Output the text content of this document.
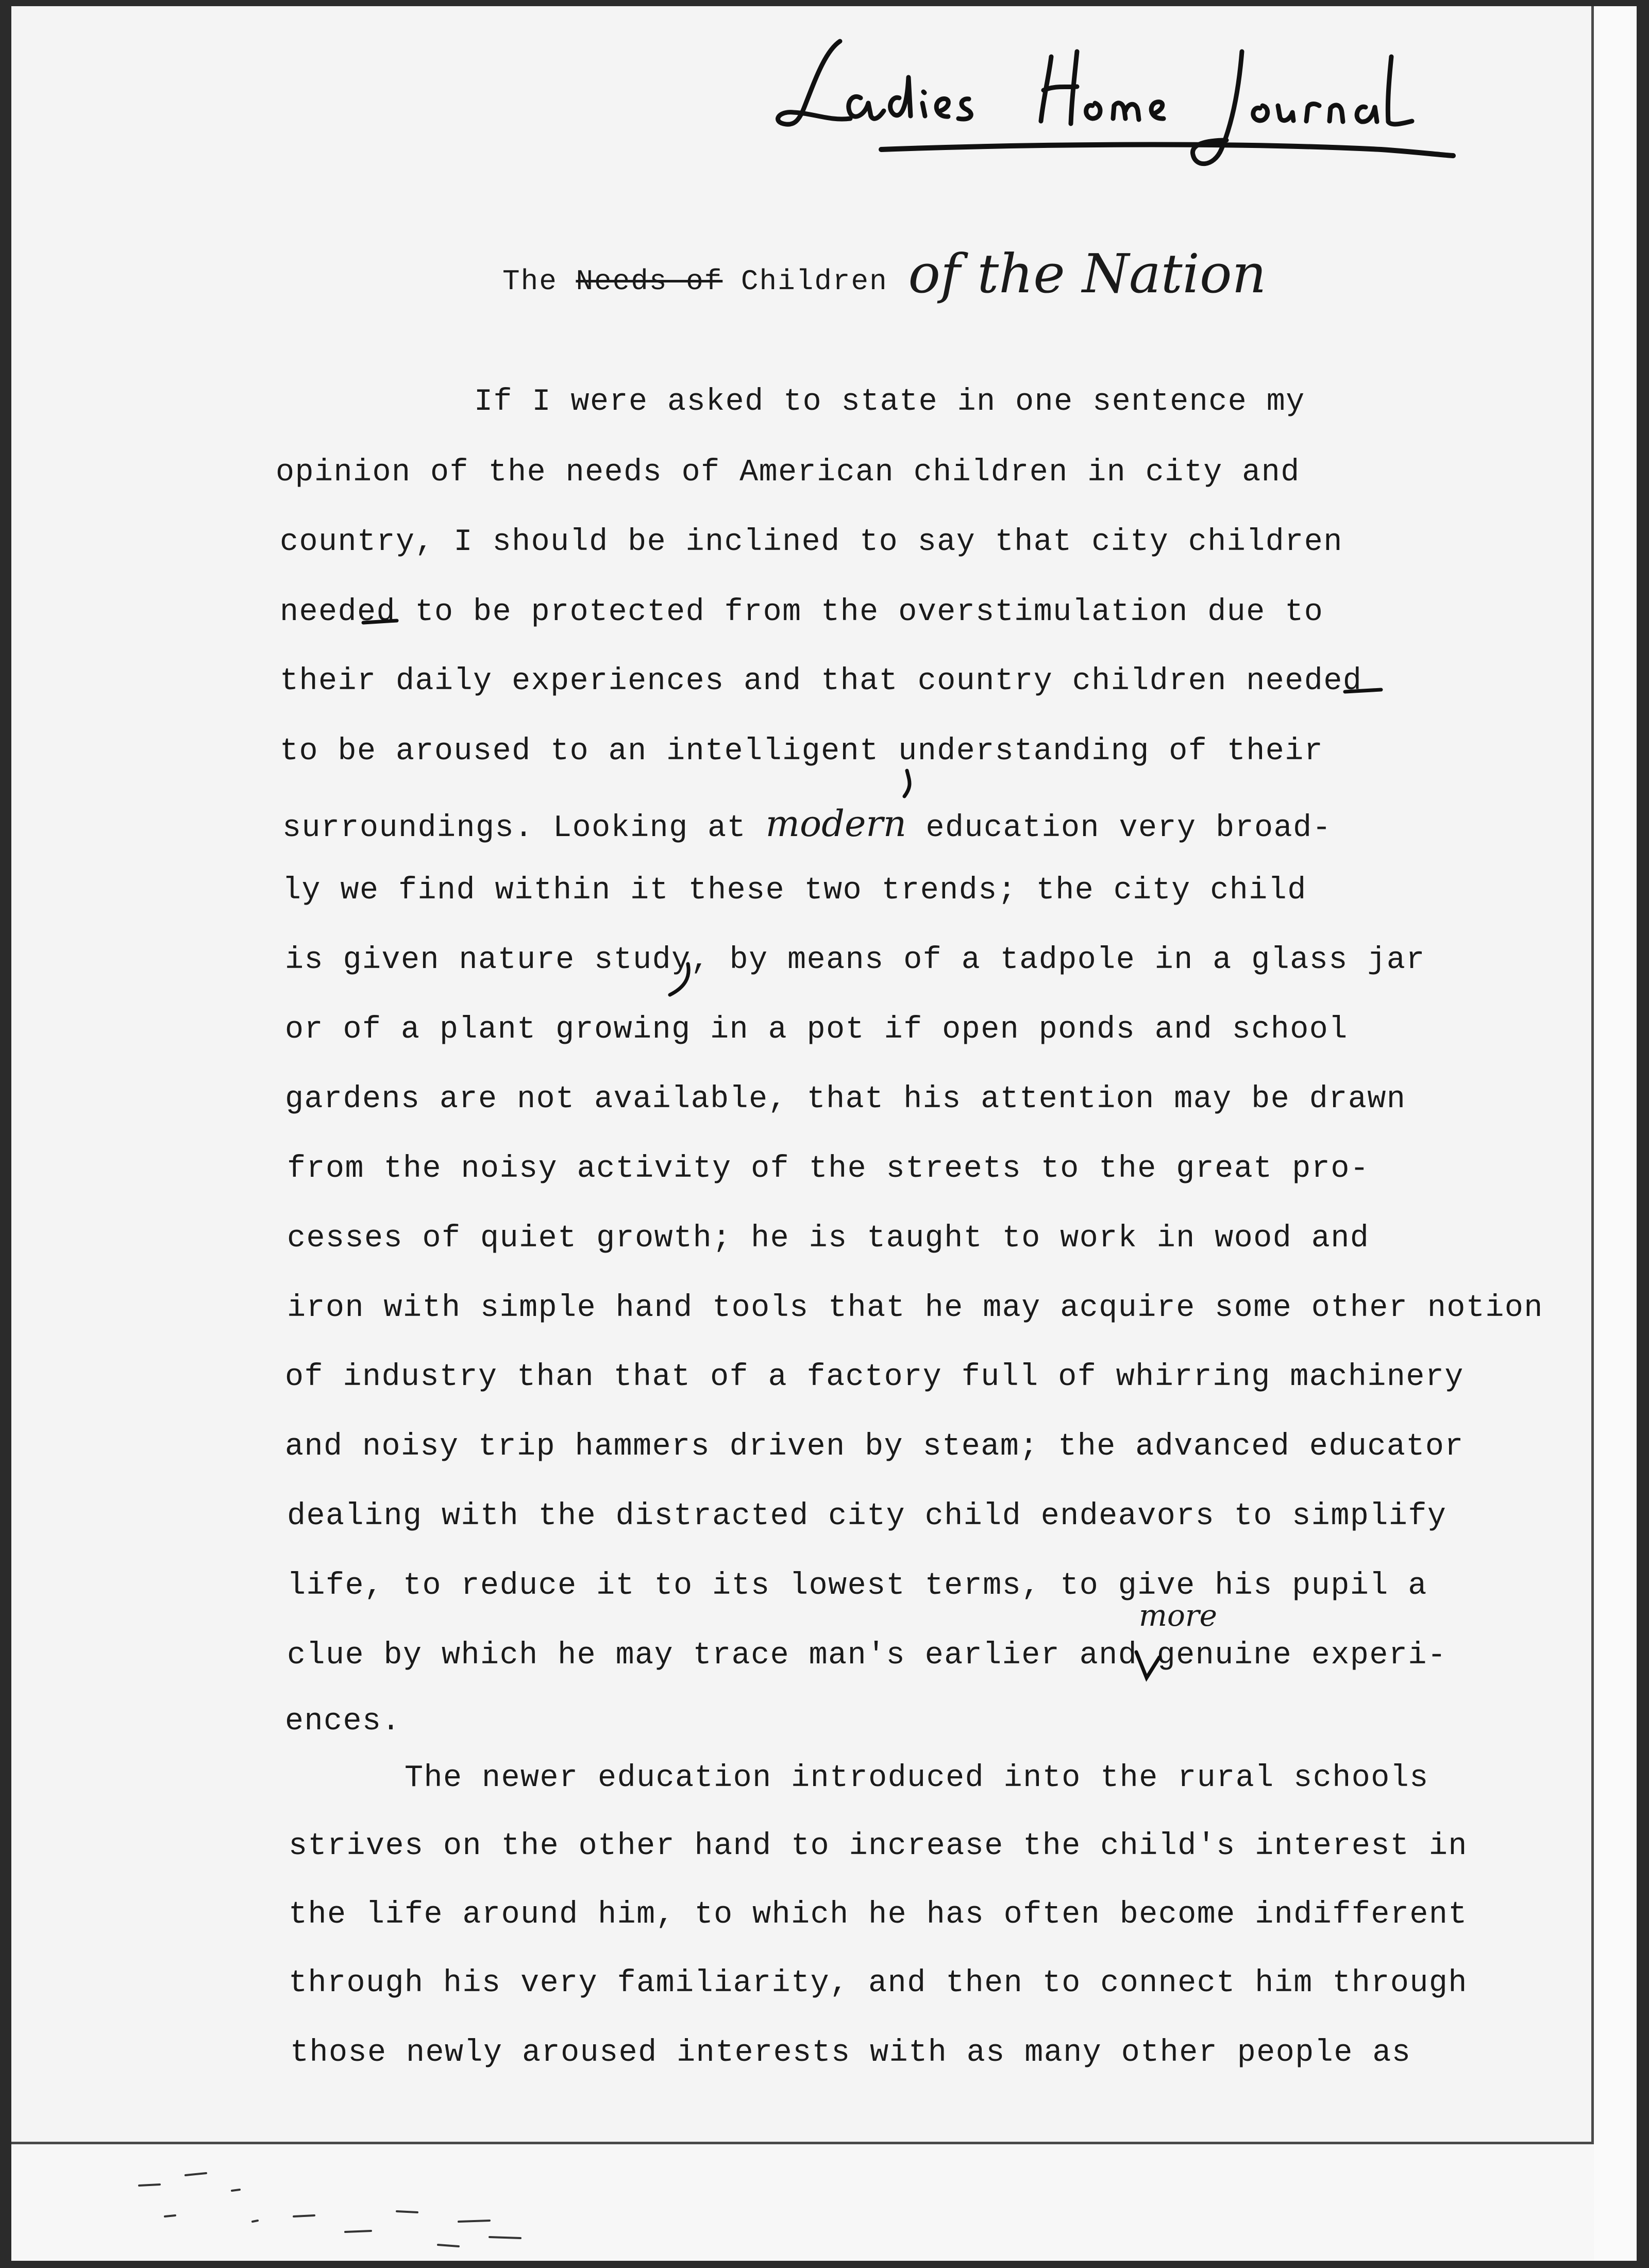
The Needs of Children of the Nation
If I were asked to state in one sentence my
opinion of the needs of American children in city and
country, I should be inclined to say that city children
needed to be protected from the overstimulation due to
their daily experiences and that country children needed
to be aroused to an intelligent understanding of their
surroundings. Looking at modern education very broad-
ly we find within it these two trends; the city child
is given nature study, by means of a tadpole in a glass jar
or of a plant growing in a pot if open ponds and school
gardens are not available, that his attention may be drawn
from the noisy activity of the streets to the great pro-
cesses of quiet growth; he is taught to work in wood and
iron with simple hand tools that he may acquire some other notion
of industry than that of a factory full of whirring machinery
and noisy trip hammers driven by steam; the advanced educator
dealing with the distracted city child endeavors to simplify
life, to reduce it to its lowest terms, to give his pupil a
clue by which he may trace man's earlier and genuine experi-
more
ences.
The newer education introduced into the rural schools
strives on the other hand to increase the child's interest in
the life around him, to which he has often become indifferent
through his very familiarity, and then to connect him through
those newly aroused interests with as many other people as
